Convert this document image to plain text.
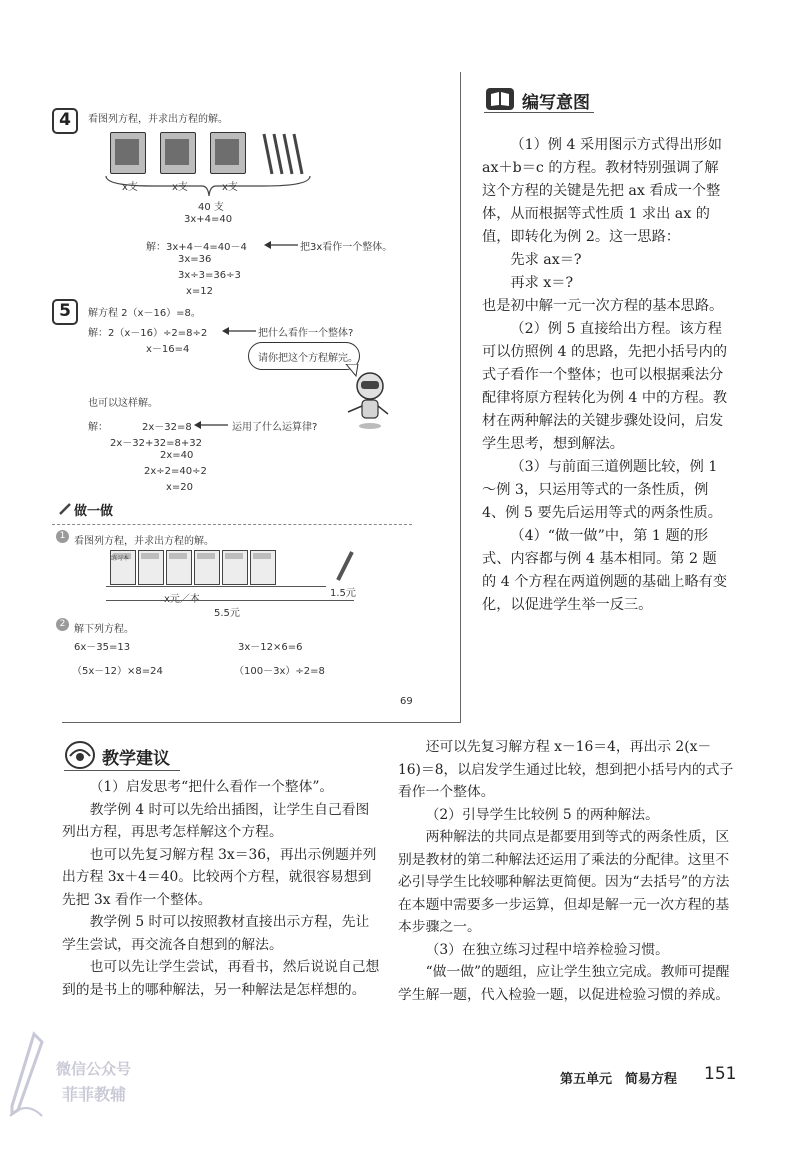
4	看图列方程，并求出方程的解。
x支	x支	x支
40 支
3x+4=40
解：3x+4－4=40－4
3x=36
3x÷3=36÷3
x=12
把3x看作一个整体。
5	解方程 2（x－16）=8。
解：2（x－16）÷2=8÷2
x－16=4
把什么看作一个整体?
请你把这个方程解完。
也可以这样解。
解：	2x－32=8
2x－32+32=8+32
2x=40
2x÷2=40÷2
x=20
运用了什么运算律?
做一做
1 看图列方程，并求出方程的解。
练习本
x元／本
1.5元
5.5元
2 解下列方程。
6x－35=13	3x－12×6=6
（5x－12）×8=24	（100－3x）÷2=8
69
编写意图

（1）例 4 采用图示方式得出形如 ax＋b＝c 的方程。教材特别强调了解这个方程的关键是先把 ax 看成一个整体，从而根据等式性质 1 求出 ax 的值，即转化为例 2。这一思路：

先求 ax＝?

再求 x＝?

也是初中解一元一次方程的基本思路。

（2）例 5 直接给出方程。该方程可以仿照例 4 的思路，先把小括号内的式子看作一个整体；也可以根据乘法分配律将原方程转化为例 4 中的方程。教材在两种解法的关键步骤处设问，启发学生思考，想到解法。

（3）与前面三道例题比较，例 1～例 3，只运用等式的一条性质，例 4、例 5 要先后运用等式的两条性质。

（4）“做一做”中，第 1 题的形式、内容都与例 4 基本相同。第 2 题的 4 个方程在两道例题的基础上略有变化，以促进学生举一反三。

教学建议

（1）启发思考“把什么看作一个整体”。

教学例 4 时可以先给出插图，让学生自己看图列出方程，再思考怎样解这个方程。

也可以先复习解方程 3x＝36，再出示例题并列出方程 3x＋4＝40。比较两个方程，就很容易想到先把 3x 看作一个整体。

教学例 5 时可以按照教材直接出示方程，先让学生尝试，再交流各自想到的解法。

也可以先让学生尝试，再看书，然后说说自己想到的是书上的哪种解法，另一种解法是怎样想的。

还可以先复习解方程 x－16＝4，再出示 2(x－16)＝8，以启发学生通过比较，想到把小括号内的式子看作一个整体。

（2）引导学生比较例 5 的两种解法。

两种解法的共同点是都要用到等式的两条性质，区别是教材的第二种解法还运用了乘法的分配律。这里不必引导学生比较哪种解法更简便。因为“去括号”的方法在本题中需要多一步运算，但却是解一元一次方程的基本步骤之一。

（3）在独立练习过程中培养检验习惯。

“做一做”的题组，应让学生独立完成。教师可提醒学生解一题，代入检验一题，以促进检验习惯的养成。

第五单元　简易方程 151
微信公众号
菲菲教辅
